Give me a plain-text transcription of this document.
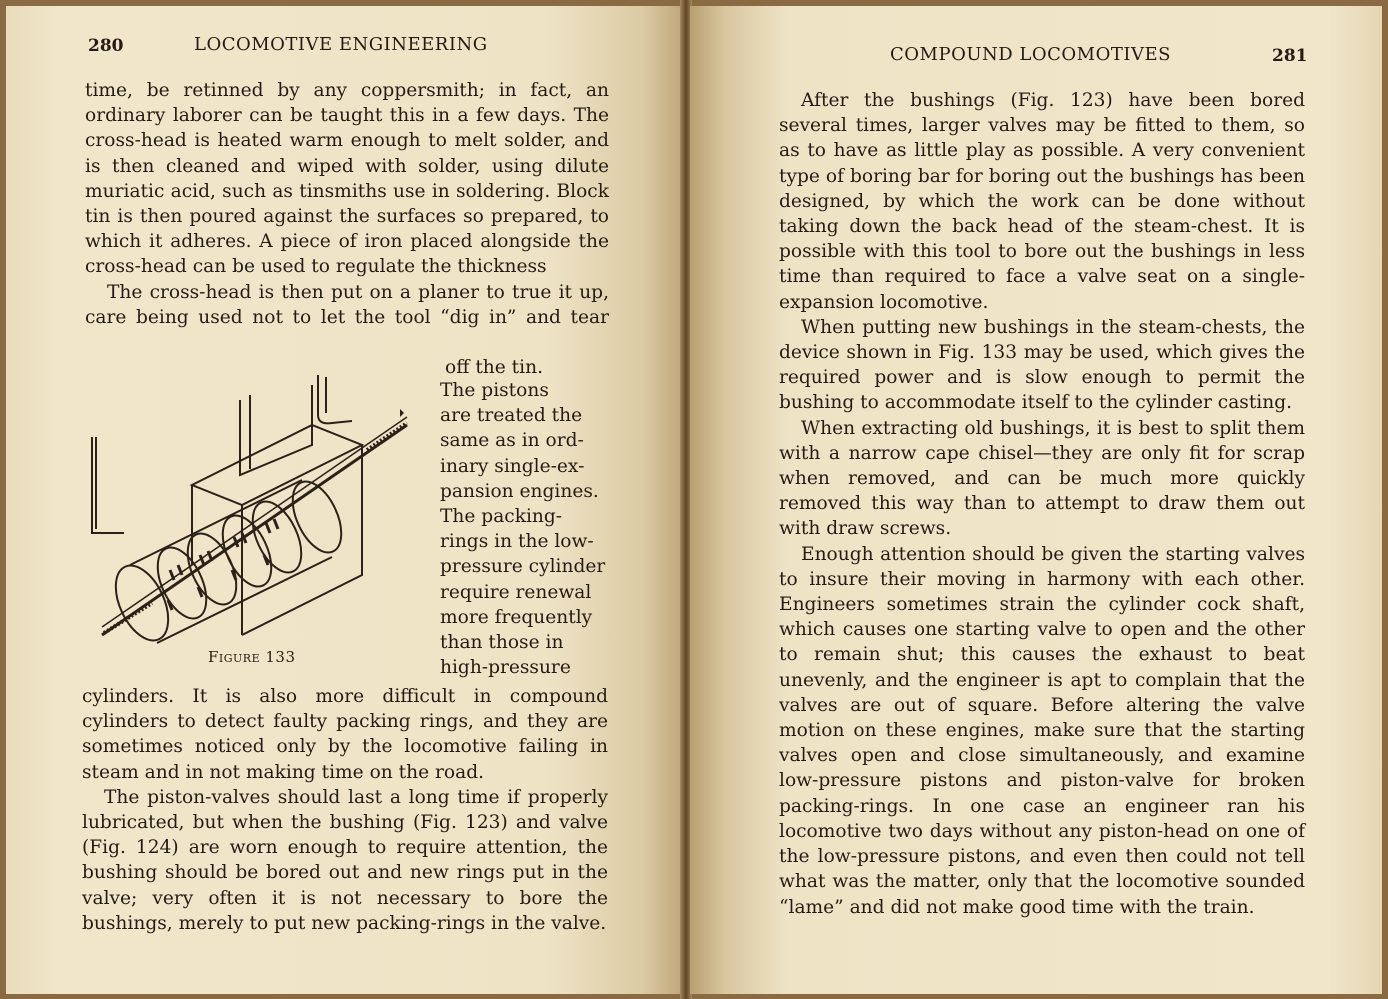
280	LOCOMOTIVE ENGINEERING

time, be retinned by any coppersmith; in fact, an ordinary laborer can be taught this in a few days. The cross-head is heated warm enough to melt solder, and is then cleaned and wiped with solder, using dilute muriatic acid, such as tinsmiths use in soldering. Block tin is then poured against the surfaces so prepared, to which it adheres. A piece of iron placed alongside the cross-head can be used to regulate the thickness

The cross-head is then put on a planer to true it up, care being used not to let the tool “dig in” and tear

off the tin.
Figure 133
The pistons
are treated the
same as in ord-
inary single-ex-
pansion engines.
The packing-
rings in the low-
pressure cylinder
require renewal
more frequently
than those in
high-pressure

cylinders. It is also more difficult in compound cylinders to detect faulty packing rings, and they are sometimes noticed only by the locomotive failing in steam and in not making time on the road.

The piston-valves should last a long time if properly lubricated, but when the bushing (Fig. 123) and valve (Fig. 124) are worn enough to require attention, the bushing should be bored out and new rings put in the valve; very often it is not necessary to bore the bushings, merely to put new packing-rings in the valve.

COMPOUND LOCOMOTIVES	281

After the bushings (Fig. 123) have been bored several times, larger valves may be fitted to them, so as to have as little play as possible. A very convenient type of boring bar for boring out the bushings has been designed, by which the work can be done without taking down the back head of the steam-chest. It is possible with this tool to bore out the bushings in less time than required to face a valve seat on a single-expansion locomotive.

When putting new bushings in the steam-chests, the device shown in Fig. 133 may be used, which gives the required power and is slow enough to permit the bushing to accommodate itself to the cylinder casting.

When extracting old bushings, it is best to split them with a narrow cape chisel—they are only fit for scrap when removed, and can be much more quickly removed this way than to attempt to draw them out with draw screws.

Enough attention should be given the starting valves to insure their moving in harmony with each other. Engineers sometimes strain the cylinder cock shaft, which causes one starting valve to open and the other to remain shut; this causes the exhaust to beat unevenly, and the engineer is apt to complain that the valves are out of square. Before altering the valve motion on these engines, make sure that the starting valves open and close simultaneously, and examine low-pressure pistons and piston-valve for broken packing-rings. In one case an engineer ran his locomotive two days without any piston-head on one of the low-pressure pistons, and even then could not tell what was the matter, only that the locomotive sounded “lame” and did not make good time with the train.
